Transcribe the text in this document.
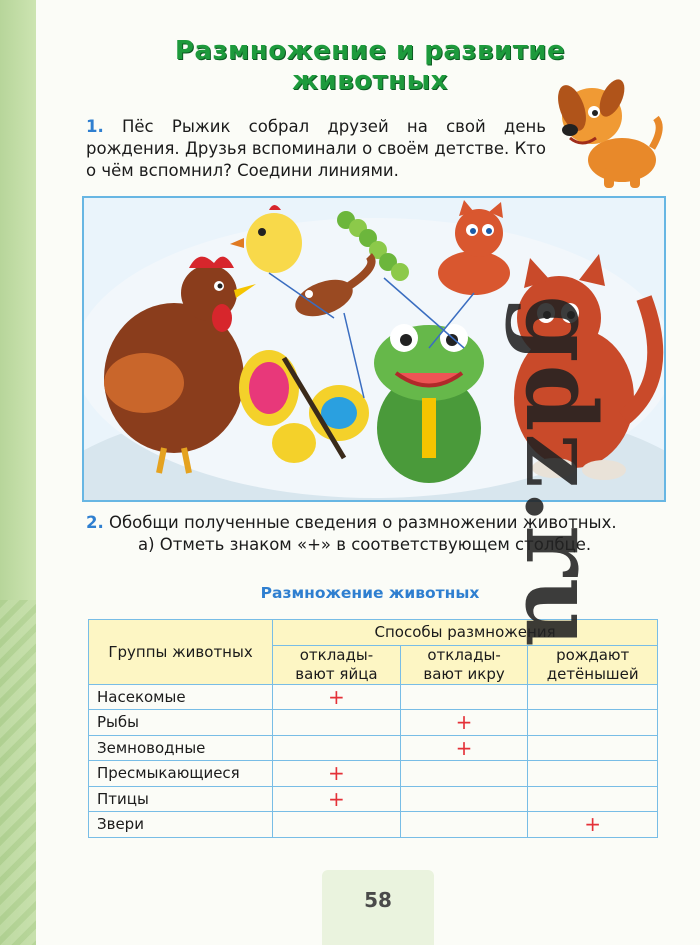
Размножение и развитие животных
1. Пёс Рыжик собрал друзей на свой день рождения. Друзья вспоминали о своём детстве. Кто о чём вспомнил? Соедини линиями.
2. Обобщи полученные сведения о размножении животных.
а) Отметь знаком «+» в соответствующем столбце.
Размножение животных
Группы животных	Способы размножения		
	отклады-вают яйца	отклады-вают икру	рождают детёнышей
Насекомые	+		
Рыбы		+	
Земноводные		+	
Пресмыкающиеся	+		
Птицы	+		
Звери			+
58
gdz.ru
